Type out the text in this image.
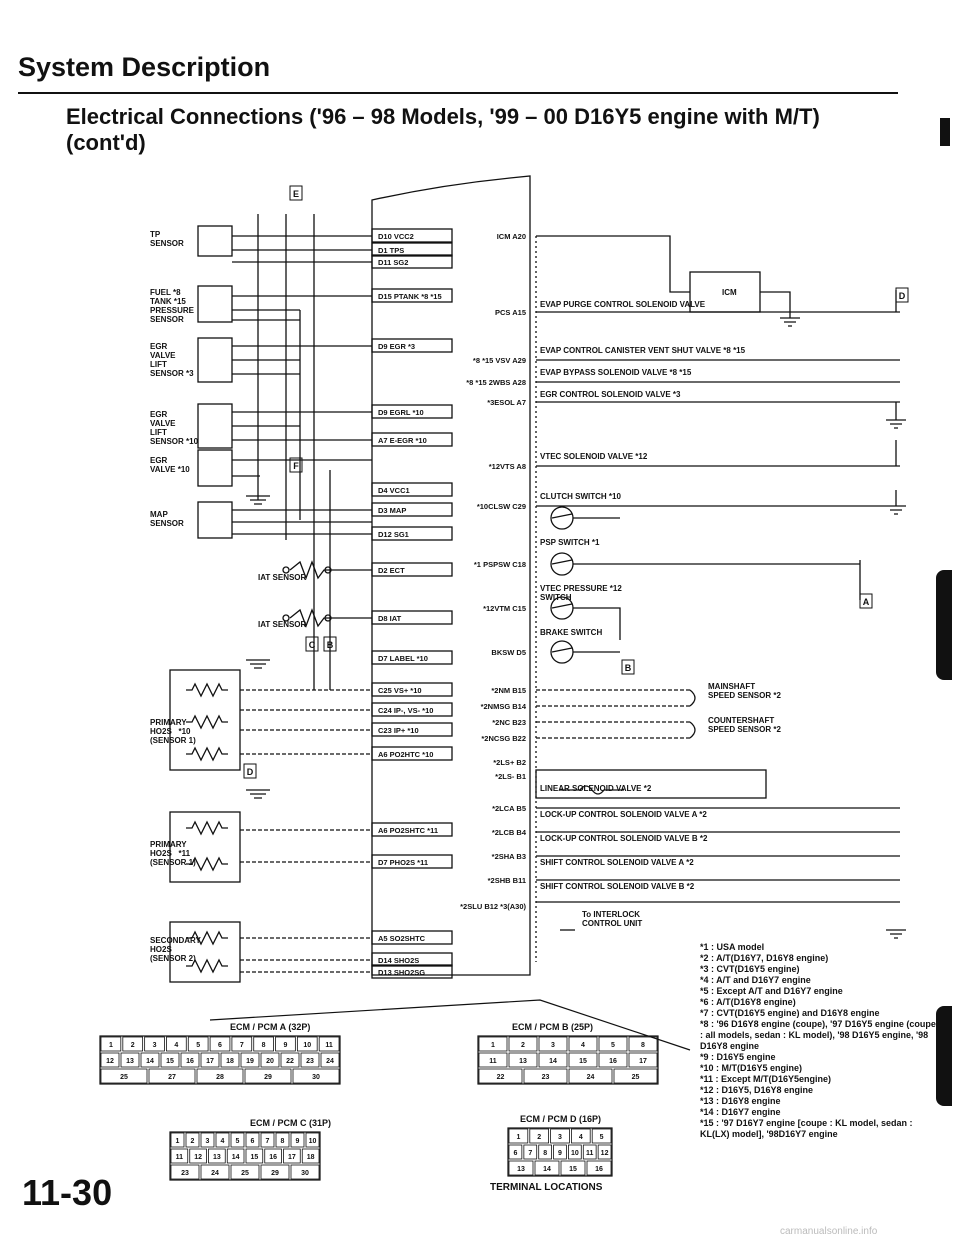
System Description
Electrical Connections ('96 – 98 Models, '99 – 00 D16Y5 engine with M/T)
(cont'd)
TP
SENSOR
FUEL *8
TANK *15
PRESSURE
SENSOR
EGR
VALVE
LIFT
SENSOR *3
EGR
VALVE
LIFT
SENSOR *10
EGR
VALVE *10
MAP
SENSOR
IAT SENSOR
IAT SENSOR
PRIMARY
HO2S   *10
(SENSOR 1)
PRIMARY
HO2S   *11
(SENSOR 1)
SECONDARY
HO2S
(SENSOR 2)
ICM
EVAP PURGE CONTROL SOLENOID VALVE
EVAP CONTROL CANISTER VENT SHUT VALVE *8 *15
EVAP BYPASS SOLENOID VALVE *8 *15
EGR CONTROL SOLENOID VALVE *3
VTEC SOLENOID VALVE *12
CLUTCH SWITCH *10
PSP SWITCH *1
VTEC PRESSURE *12
SWITCH
BRAKE SWITCH
MAINSHAFT
SPEED SENSOR *2
COUNTERSHAFT
SPEED SENSOR *2
LINEAR SOLENOID VALVE *2
LOCK-UP CONTROL SOLENOID VALVE A *2
LOCK-UP CONTROL SOLENOID VALVE B *2
SHIFT CONTROL SOLENOID VALVE A *2
SHIFT CONTROL SOLENOID VALVE B *2
To INTERLOCK
CONTROL UNIT
E
D
F
A
C B
B
D
D10 VCC2
D1 TPS
D11 SG2
D15 PTANK *8 *15
D9 EGR *3
D9 EGRL *10
A7 E-EGR *10
D4 VCC1
D3 MAP
D12 SG1
D2 ECT
D8 IAT
D7 LABEL *10
C25 VS+ *10
C24 IP-, VS- *10
C23 IP+ *10
A6 PO2HTC *10
A6 PO2SHTC *11
D7 PHO2S *11
A5 SO2SHTC
D14 SHO2S
D13 SHO2SG
ICM A20
PCS A15
*8 *15 VSV A29
*8 *15 2WBS A28
*3ESOL A7
*12VTS A8
*10CLSW C29
*1 PSPSW C18
*12VTM C15
BKSW D5
*2NM B15
*2NMSG B14
*2NC B23
*2NCSG B22
*2LS+ B2
*2LS- B1
*2LCA B5
*2LCB B4
*2SHA B3
*2SHB B11
*2SLU B12 *3(A30)
*1 : USA model
*2 : A/T(D16Y7, D16Y8 engine)
*3 : CVT(D16Y5 engine)
*4 : A/T and D16Y7 engine
*5 : Except A/T and D16Y7 engine
*6 : A/T(D16Y8 engine)
*7 : CVT(D16Y5 engine) and D16Y8 engine
*8 : '96 D16Y8 engine (coupe), '97 D16Y5 engine (coupe : all models, sedan : KL model), '98 D16Y5 engine, '98 D16Y8 engine
*9 : D16Y5 engine
*10 : M/T(D16Y5 engine)
*11 : Except M/T(D16Y5engine)
*12 : D16Y5, D16Y8 engine
*13 : D16Y8 engine
*14 : D16Y7 engine
*15 : '97 D16Y7 engine [coupe : KL model, sedan : KL(LX) model], '98D16Y7 engine
ECM / PCM A (32P)	ECM / PCM B (25P)
ECM / PCM C (31P)	ECM / PCM D (16P)
1	2	3	4	5	6	7	8	9 10 11
12 13 14 15 16 17 18 19 20 22 23 24
25	27	28	29	30
1	2	3	4	5	8
11	13	14	15	16	17
22	23	24	25
1 2 3 4 5 6 7 8 9 10
11 12 13 14 15 16 17 18
23	24	25	29	30
1 2 3 4 5
6 7 8 9 10 11 12
13	14	15	16
TERMINAL LOCATIONS
11-30
carmanualsonline.info
